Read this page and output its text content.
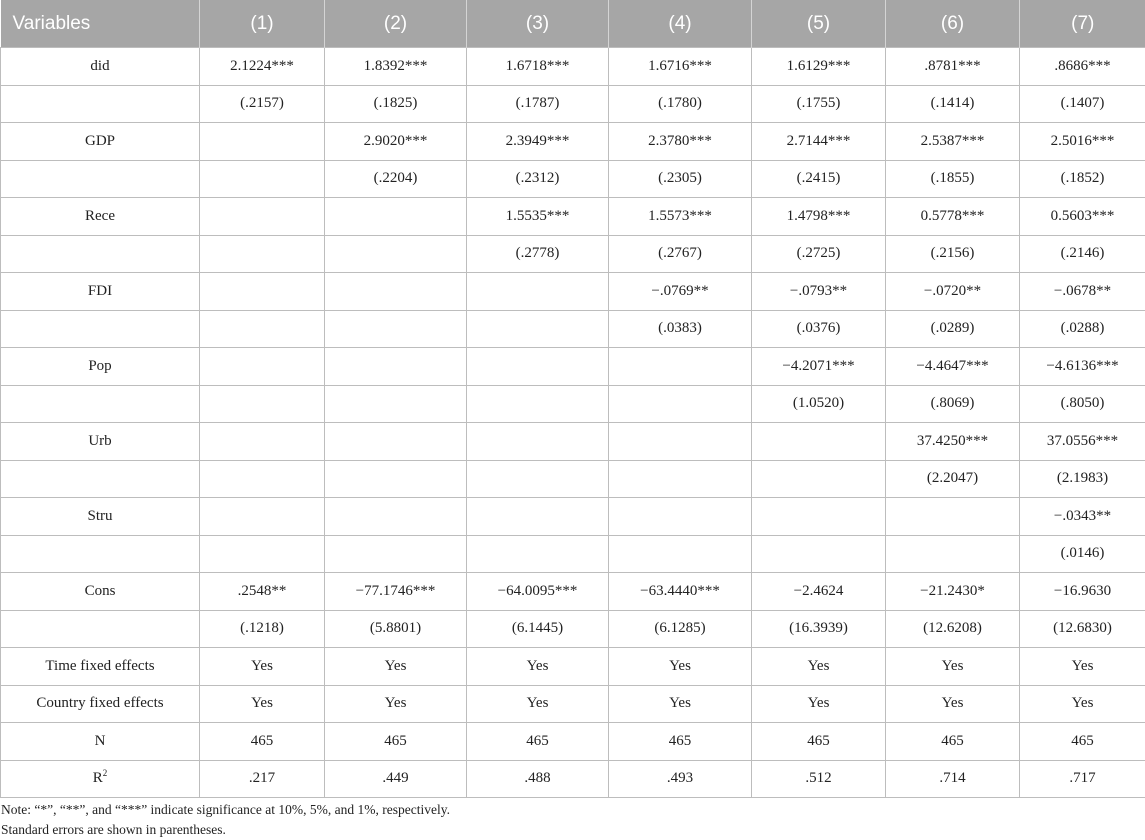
Variables	(1)	(2)	(3)	(4)	(5)	(6)	(7)
did	2.1224***	1.8392***	1.6718***	1.6716***	1.6129***	.8781***	.8686***
	(.2157)	(.1825)	(.1787)	(.1780)	(.1755)	(.1414)	(.1407)
GDP		2.9020***	2.3949***	2.3780***	2.7144***	2.5387***	2.5016***
		(.2204)	(.2312)	(.2305)	(.2415)	(.1855)	(.1852)
Rece			1.5535***	1.5573***	1.4798***	0.5778***	0.5603***
			(.2778)	(.2767)	(.2725)	(.2156)	(.2146)
FDI				−.0769**	−.0793**	−.0720**	−.0678**
				(.0383)	(.0376)	(.0289)	(.0288)
Pop					−4.2071***	−4.4647***	−4.6136***
					(1.0520)	(.8069)	(.8050)
Urb						37.4250***	37.0556***
						(2.2047)	(2.1983)
Stru							−.0343**
							(.0146)
Cons	.2548**	−77.1746***	−64.0095***	−63.4440***	−2.4624	−21.2430*	−16.9630
	(.1218)	(5.8801)	(6.1445)	(6.1285)	(16.3939)	(12.6208)	(12.6830)
Time fixed effects	Yes	Yes	Yes	Yes	Yes	Yes	Yes
Country fixed effects	Yes	Yes	Yes	Yes	Yes	Yes	Yes
N	465	465	465	465	465	465	465
$R^2$	.217	.449	.488	.493	.512	.714	.717
Note: “*”, “**”, and “***” indicate significance at 10%, 5%, and 1%, respectively.
Standard errors are shown in parentheses.
